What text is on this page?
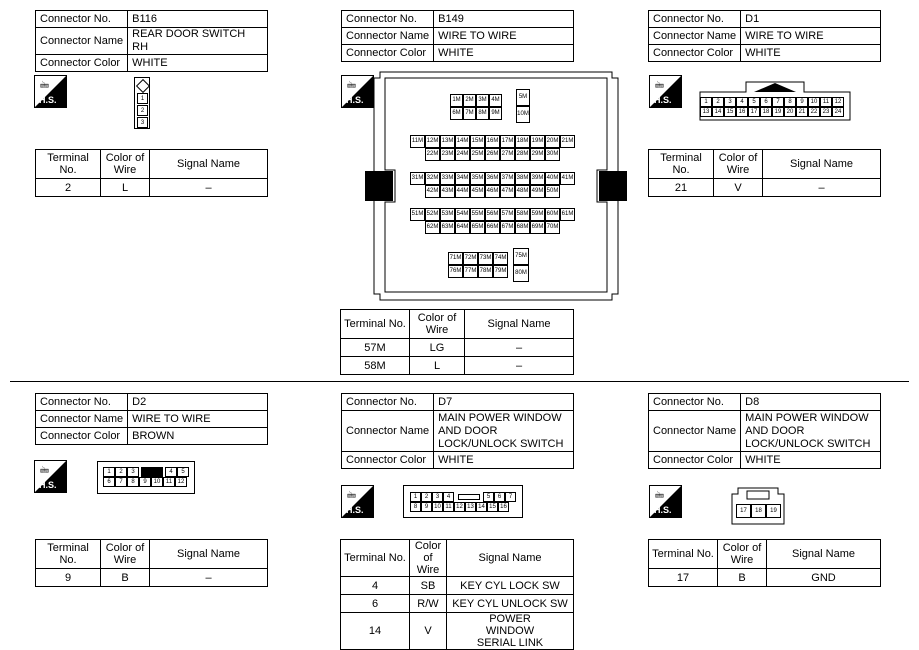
Connector No.	B116
Connector Name	REAR DOOR SWITCH RH
Connector Color	WHITE
🖮
H.S.	1
2
3
Terminal No.	Color of Wire	Signal Name
2	L	–
Connector No.	B149
Connector Name	WIRE TO WIRE
Connector Color	WHITE
🖮
H.S.	1M 2M 3M 4M
6M 7M 8M 9M
5M
10M
11M 12M 13M 14M 15M 16M 17M 18M 19M 20M 21M
22M 23M 24M 25M 26M 27M 28M 29M 30M
31M 32M 33M 34M 35M 36M 37M 38M 39M 40M 41M
42M 43M 44M 45M 46M 47M 48M 49M 50M
51M 52M 53M 54M 55M 56M 57M 58M 59M 60M 61M
62M 63M 64M 65M 66M 67M 68M 69M 70M
71M 72M 73M 74M
76M 77M 78M 79M
75M
80M
Terminal No.	Color of Wire	Signal Name
57M	LG	–
58M	L	–
Connector No.	D1
Connector Name	WIRE TO WIRE
Connector Color	WHITE
🖮
H.S.	1	2	3	4	5	6	7	8	9	10 11 12
13 14 15 16 17 18 19 20 21 22 23 24
Terminal No.	Color of Wire	Signal Name
21	V	–
Connector No.	D2
Connector Name	WIRE TO WIRE
Connector Color	BROWN
🖮
H.S.
1	2	3	4	5
6	7	8	9	10 11 12
Terminal No.	Color of Wire	Signal Name
9	B	–
Connector No.	D7
Connector Name	MAIN POWER WINDOW AND DOOR LOCK/UNLOCK SWITCH
Connector Color	WHITE
🖮
H.S.
1	2	3	4	5	6	7
8	9 10 11 12 13 14 15 16
Terminal No.	Color of Wire	Signal Name
4	SB	KEY CYL LOCK SW
6	R/W	KEY CYL UNLOCK SW
14	V	POWER WINDOW SERIAL LINK
Connector No.	D8
Connector Name	MAIN POWER WINDOW AND DOOR LOCK/UNLOCK SWITCH
Connector Color	WHITE
🖮
H.S.	17	18	19
Terminal No.	Color of Wire	Signal Name
17	B	GND
